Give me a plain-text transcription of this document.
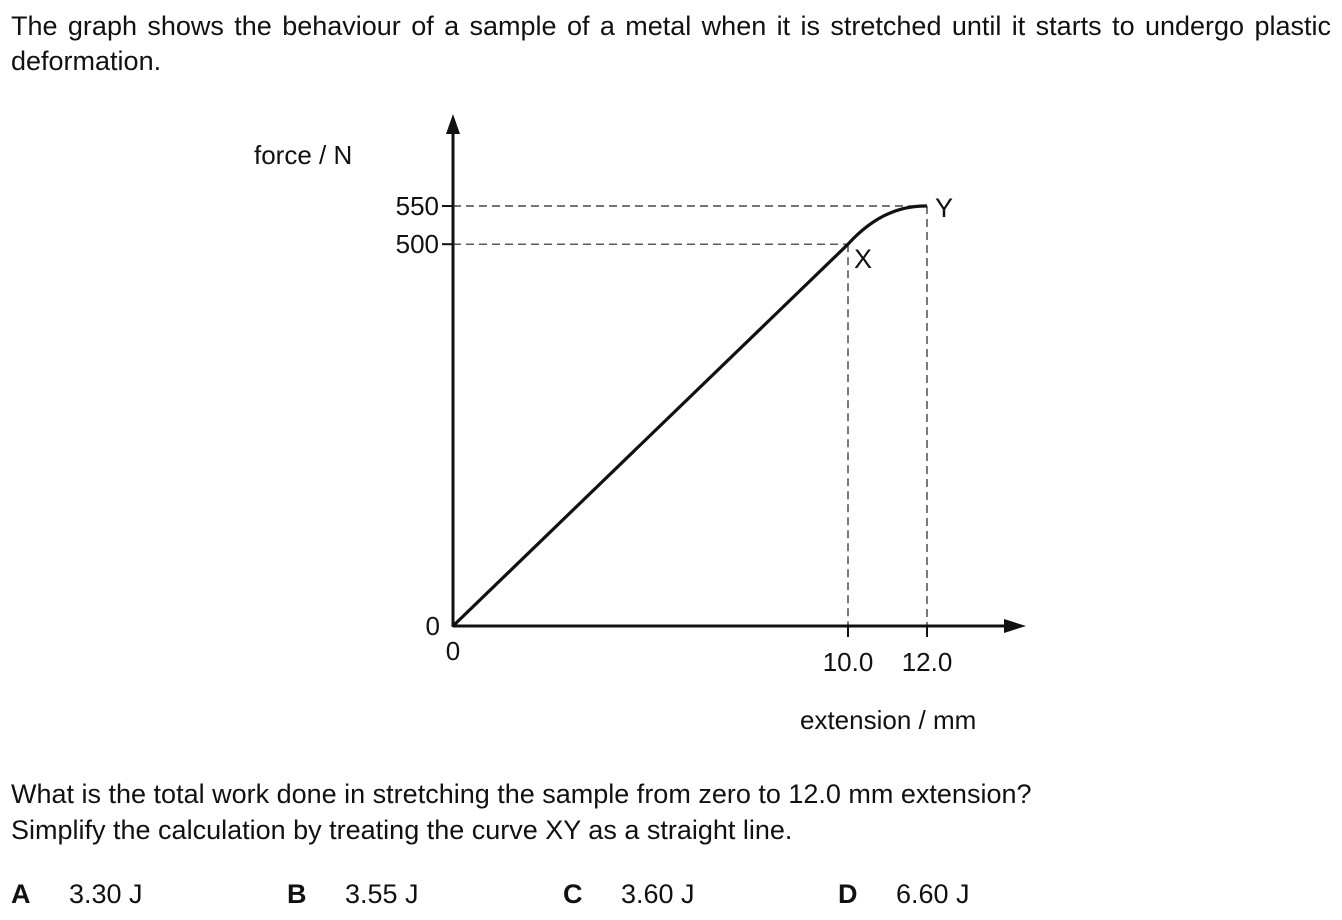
The graph shows the behaviour of a sample of a metal when it is stretched until it starts to undergo plastic deformation.

550
500
0
0	10.0 12.0
force / N
extension / mm
X
Y
What is the total work done in stretching the sample from zero to 12.0 mm extension?
Simplify the calculation by treating the curve XY as a straight line.
A 3.30 J	B 3.55 J	C 3.60 J	D 6.60 J
